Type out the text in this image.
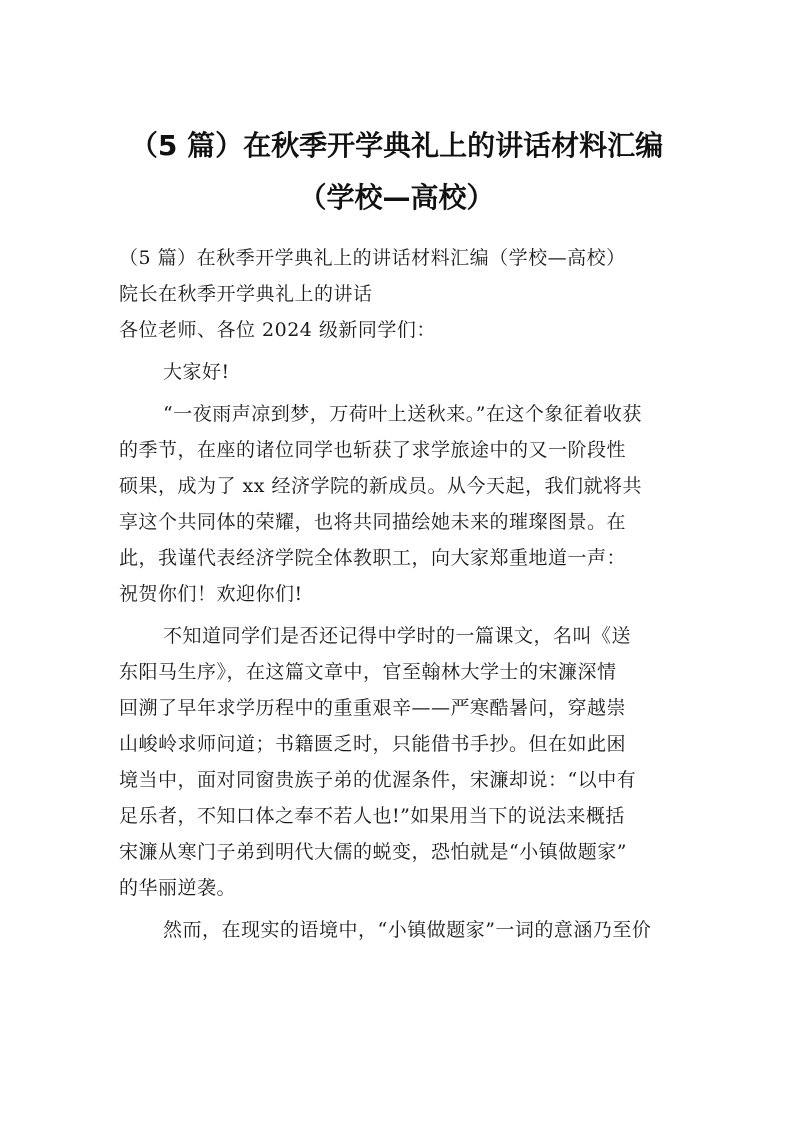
（5 篇）在秋季开学典礼上的讲话材料汇编
（学校—高校）
（5 篇）在秋季开学典礼上的讲话材料汇编（学校—高校）
院长在秋季开学典礼上的讲话
各位老师、各位 2024 级新同学们：
大家好!
“一夜雨声凉到梦，万荷叶上送秋来。”在这个象征着收获
的季节，在座的诸位同学也斩获了求学旅途中的又一阶段性
硕果，成为了 xx 经济学院的新成员。从今天起，我们就将共
享这个共同体的荣耀，也将共同描绘她未来的璀璨图景。在
此，我谨代表经济学院全体教职工，向大家郑重地道一声：
祝贺你们！欢迎你们!
不知道同学们是否还记得中学时的一篇课文，名叫《送
东阳马生序》，在这篇文章中，官至翰林大学士的宋濂深情
回溯了早年求学历程中的重重艰辛——严寒酷暑问，穿越崇
山峻岭求师问道；书籍匮乏时，只能借书手抄。但在如此困
境当中，面对同窗贵族子弟的优渥条件，宋濂却说：“以中有
足乐者，不知口体之奉不若人也!”如果用当下的说法来概括
宋濂从寒门子弟到明代大儒的蜕变，恐怕就是“小镇做题家”
的华丽逆袭。
然而，在现实的语境中，“小镇做题家”一词的意涵乃至价
